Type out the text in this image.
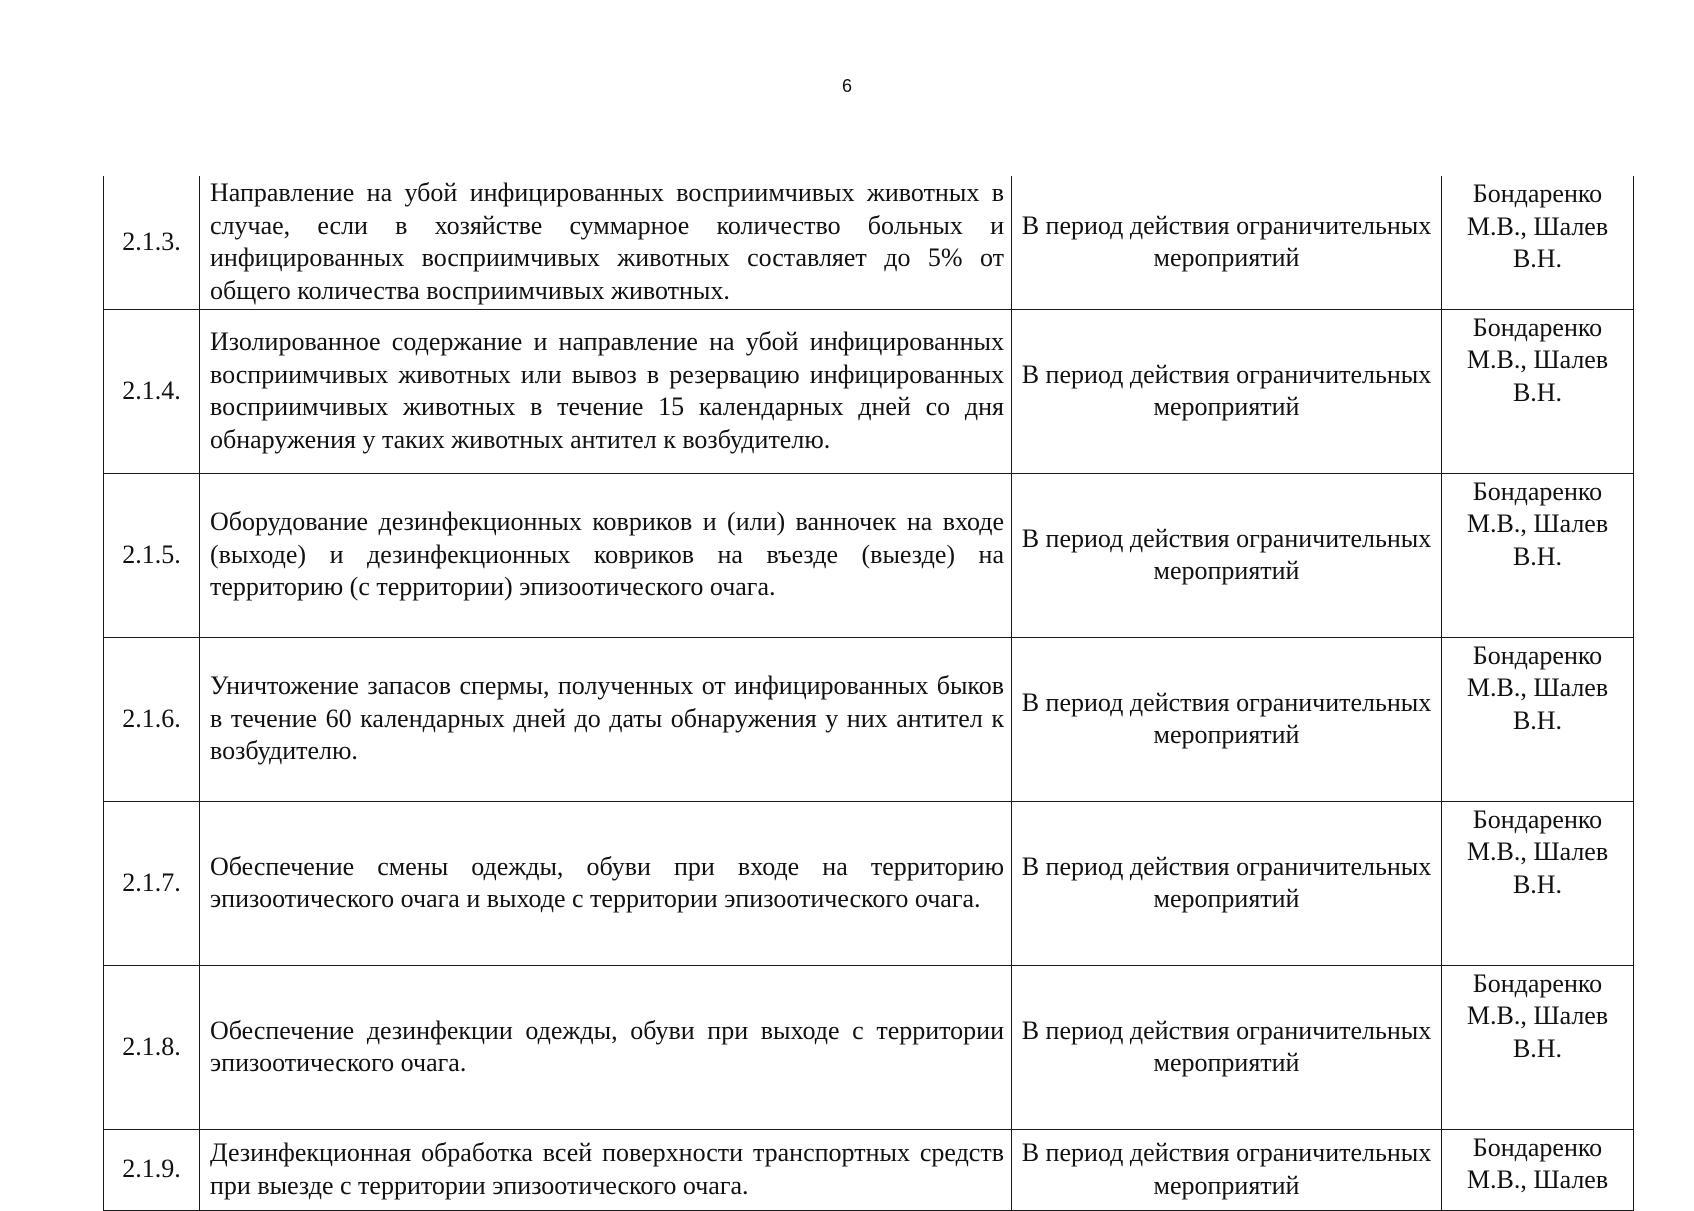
6
2.1.3.	Направление на убой инфицированных восприимчивых животных в случае, если в хозяйстве суммарное количество больных и инфицированных восприимчивых животных составляет до 5% от общего количества восприимчивых животных.	В период действия ограничительных мероприятий	Бондаренко М.В., Шалев В.Н.
2.1.4.	Изолированное содержание и направление на убой инфицированных восприимчивых животных или вывоз в резервацию инфицированных восприимчивых животных в течение 15 календарных дней со дня обнаружения у таких животных антител к возбудителю.	В период действия ограничительных мероприятий	Бондаренко М.В., Шалев В.Н.
2.1.5.	Оборудование дезинфекционных ковриков и (или) ванночек на входе (выходе) и дезинфекционных ковриков на въезде (выезде) на территорию (с территории) эпизоотического очага.	В период действия ограничительных мероприятий	Бондаренко М.В., Шалев В.Н.
2.1.6.	Уничтожение запасов спермы, полученных от инфицированных быков в течение 60 календарных дней до даты обнаружения у них антител к возбудителю.	В период действия ограничительных мероприятий	Бондаренко М.В., Шалев В.Н.
2.1.7.	Обеспечение смены одежды, обуви при входе на территорию эпизоотического очага и выходе с территории эпизоотического очага.	В период действия ограничительных мероприятий	Бондаренко М.В., Шалев В.Н.
2.1.8.	Обеспечение дезинфекции одежды, обуви при выходе с территории эпизоотического очага.	В период действия ограничительных мероприятий	Бондаренко М.В., Шалев В.Н.
2.1.9.	Дезинфекционная обработка всей поверхности транспортных средств при выезде с территории эпизоотического очага.	В период действия ограничительных мероприятий	Бондаренко М.В., Шалев
